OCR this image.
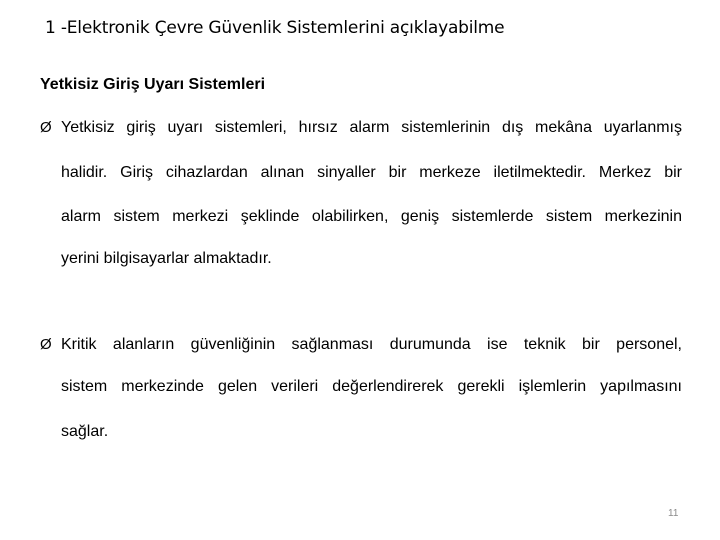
1 -Elektronik Çevre Güvenlik Sistemlerini açıklayabilme
Yetkisiz Giriş Uyarı Sistemleri
Ø Yetkisiz giriş uyarı sistemleri, hırsız alarm sistemlerinin dış mekâna uyarlanmış
halidir. Giriş cihazlardan alınan sinyaller bir merkeze iletilmektedir. Merkez bir
alarm sistem merkezi şeklinde olabilirken, geniş sistemlerde sistem merkezinin
yerini bilgisayarlar almaktadır.
Ø Kritik alanların güvenliğinin sağlanması durumunda ise teknik bir personel,
sistem merkezinde gelen verileri değerlendirerek gerekli işlemlerin yapılmasını
sağlar.
11
